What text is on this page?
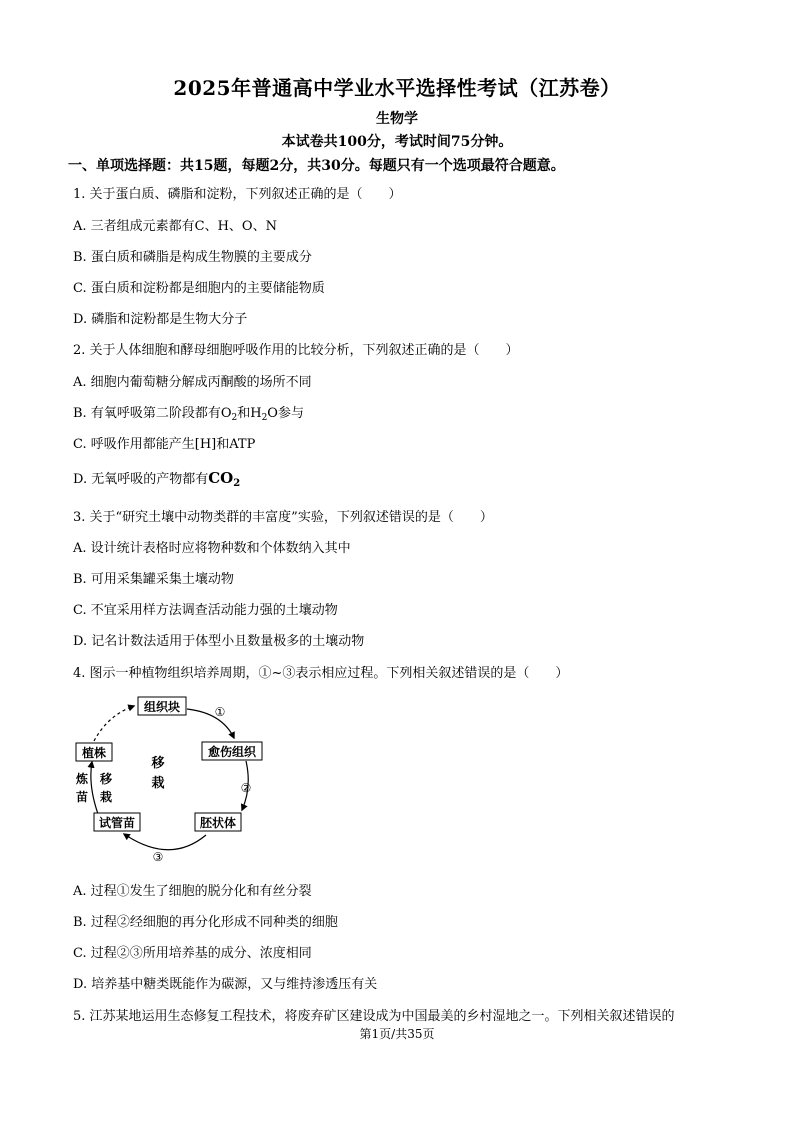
2025年普通高中学业水平选择性考试（江苏卷）
生物学
本试卷共100分，考试时间75分钟。
一、单项选择题：共15题，每题2分，共30分。每题只有一个选项最符合题意。
1. 关于蛋白质、磷脂和淀粉，下列叙述正确的是（　　）
A. 三者组成元素都有C、H、O、N
B. 蛋白质和磷脂是构成生物膜的主要成分
C. 蛋白质和淀粉都是细胞内的主要储能物质
D. 磷脂和淀粉都是生物大分子
2. 关于人体细胞和酵母细胞呼吸作用的比较分析，下列叙述正确的是（　　）
A. 细胞内葡萄糖分解成丙酮酸的场所不同
B. 有氧呼吸第二阶段都有$O_2$和$H_2O$参与
C. 呼吸作用都能产生[H]和ATP
D. 无氧呼吸的产物都有$CO_2$
3. 关于“研究土壤中动物类群的丰富度”实验，下列叙述错误的是（　　）
A. 设计统计表格时应将物种数和个体数纳入其中
B. 可用采集罐采集土壤动物
C. 不宜采用样方法调查活动能力强的土壤动物
D. 记名计数法适用于体型小且数量极多的土壤动物
4. 图示一种植物组织培养周期，①~③表示相应过程。下列相关叙述错误的是（　　）
组织块
愈伤组织
胚状体
试管苗
植株
①
②
③
移
栽
炼
苗
移
栽
A. 过程①发生了细胞的脱分化和有丝分裂
B. 过程②经细胞的再分化形成不同种类的细胞
C. 过程②③所用培养基的成分、浓度相同
D. 培养基中糖类既能作为碳源，又与维持渗透压有关
5. 江苏某地运用生态修复工程技术，将废弃矿区建设成为中国最美的乡村湿地之一。下列相关叙述错误的
第1页/共35页
